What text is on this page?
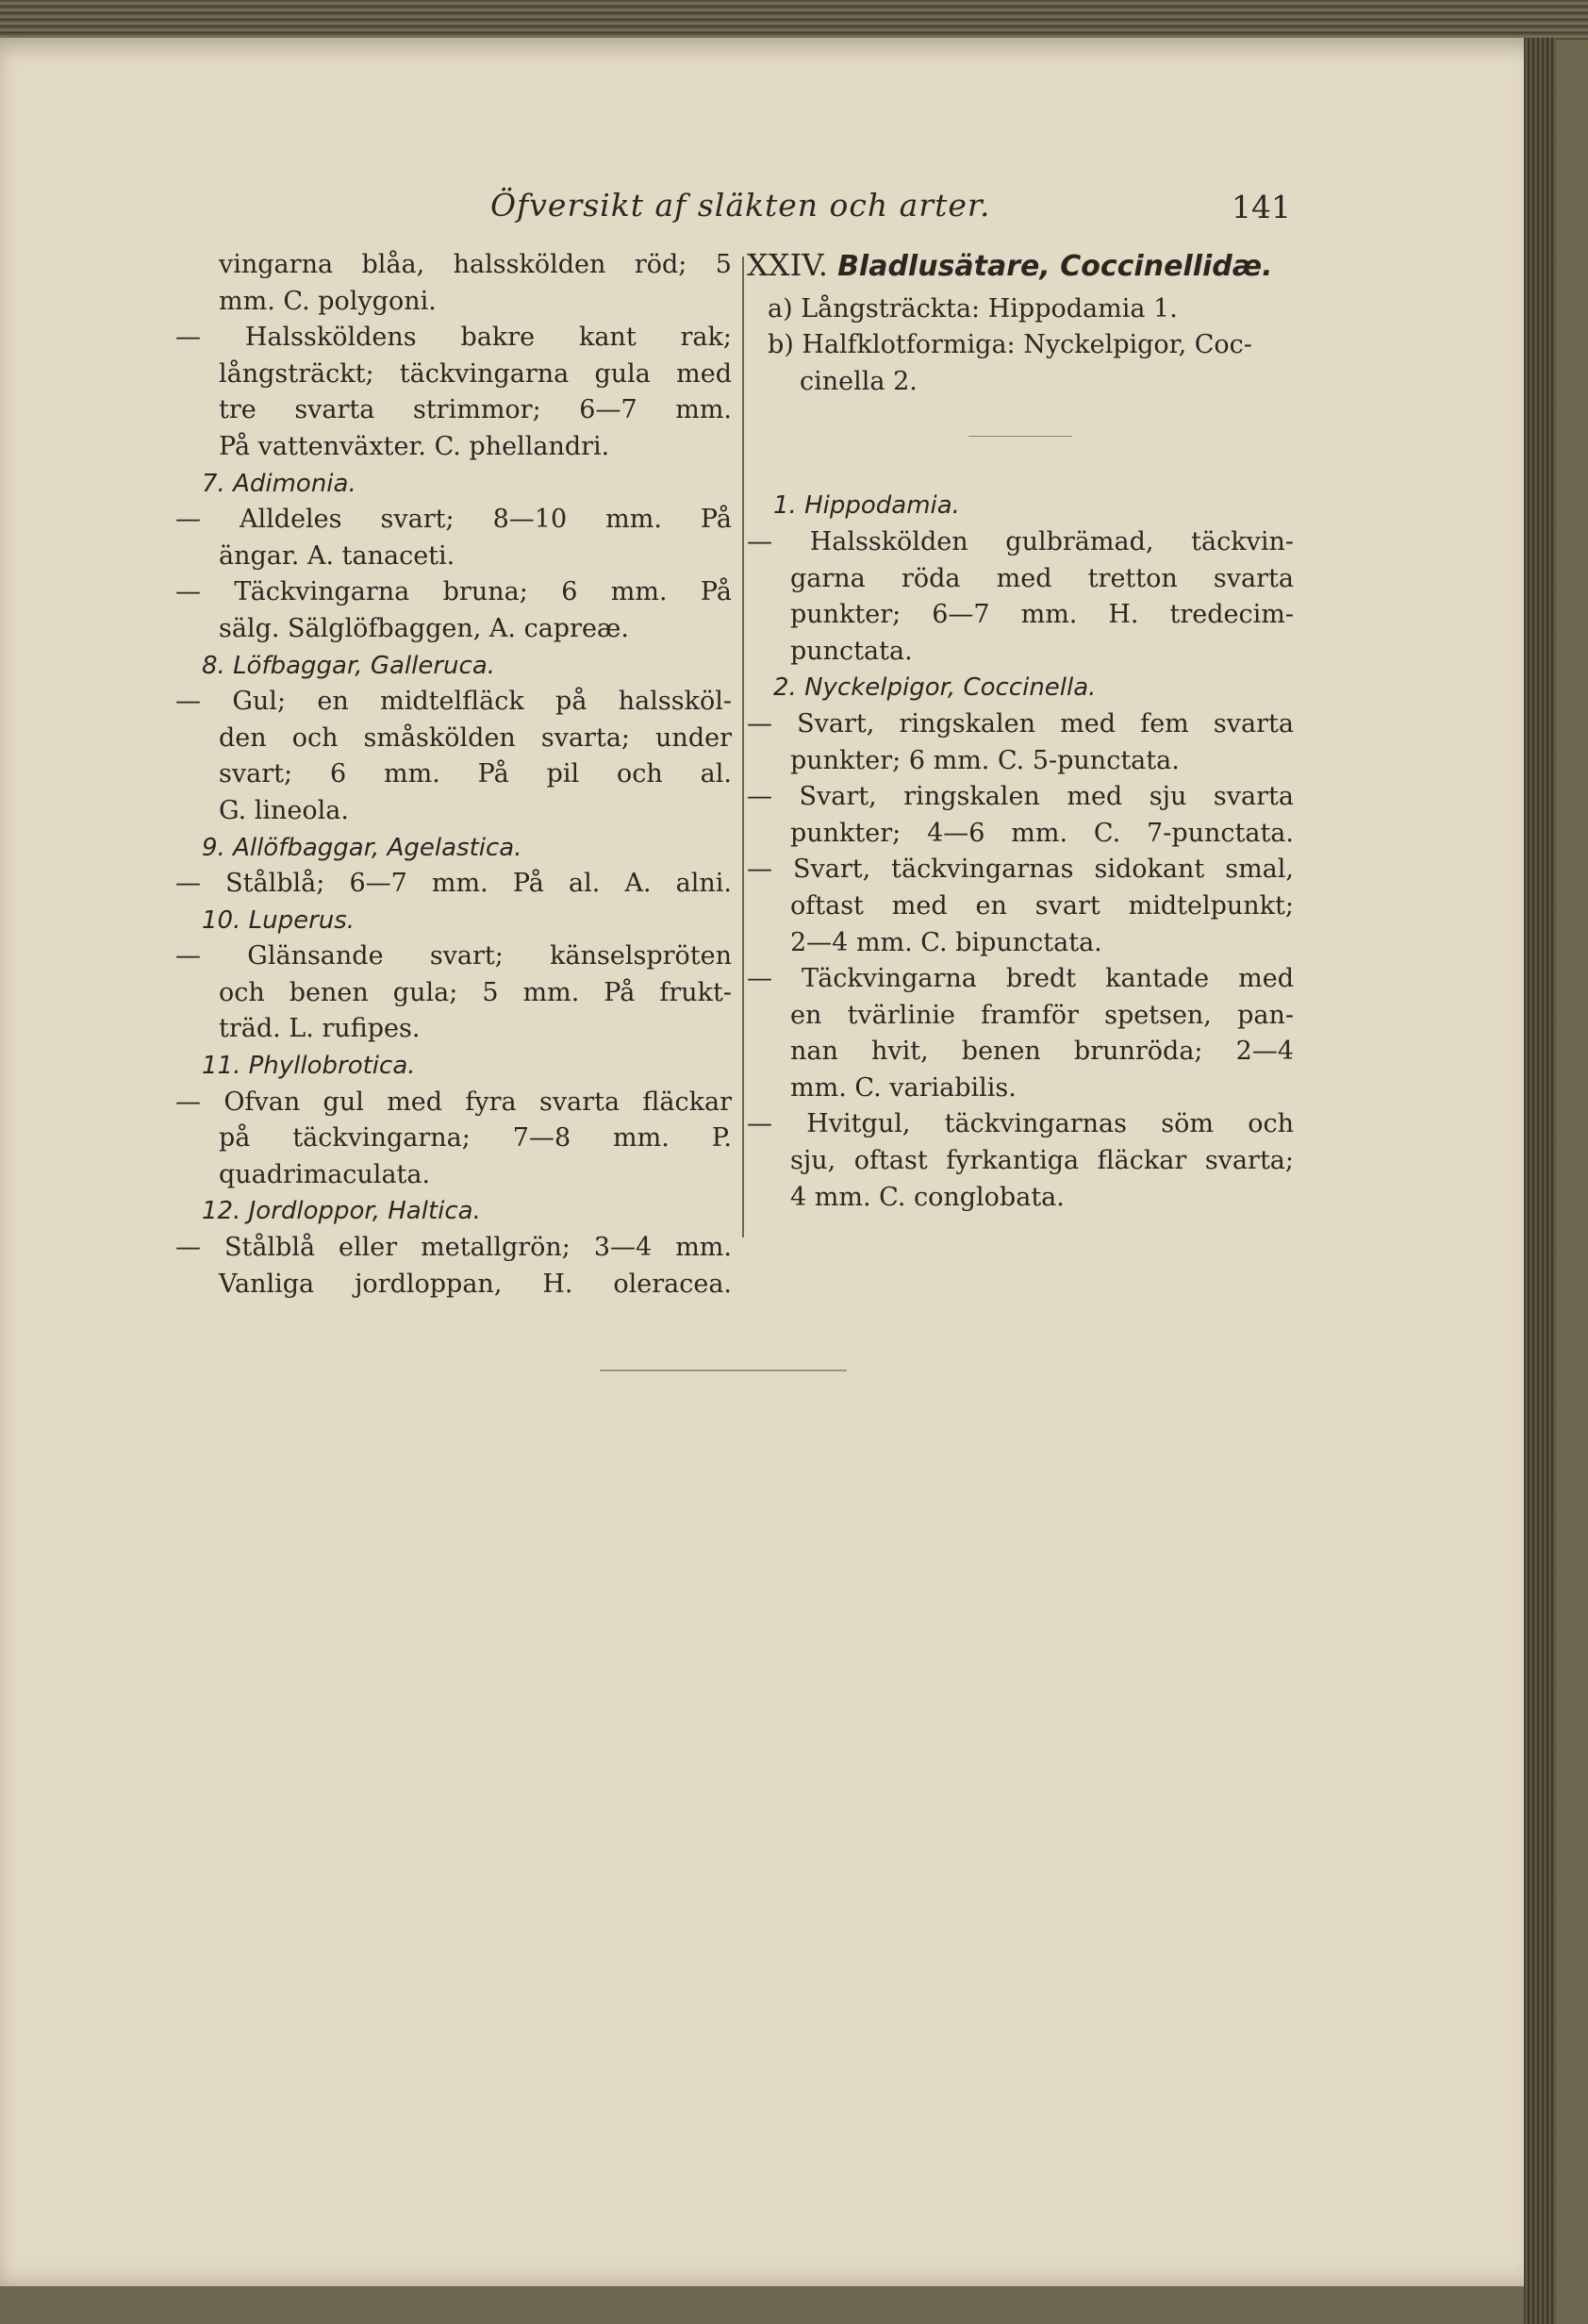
Öfversikt af släkten och arter.	141
vingarna blåa, halsskölden röd; 5
mm. C. polygoni.
— Halssköldens bakre kant rak;
långsträckt; täckvingarna gula med
tre svarta strimmor; 6—7 mm.
På vattenväxter. C. phellandri.
7. Adimonia.
— Alldeles svart; 8—10 mm. På
ängar. A. tanaceti.
— Täckvingarna bruna; 6 mm. På
sälg. Sälglöfbaggen, A. capreæ.
8. Löfbaggar, Galleruca.
— Gul; en midtelfläck på halssköl-
den och småskölden svarta; under
svart; 6 mm. På pil och al.
G. lineola.
9. Allöfbaggar, Agelastica.
— Stålblå; 6—7 mm. På al. A. alni.
10. Luperus.
— Glänsande svart; känselspröten
och benen gula; 5 mm. På frukt-
träd. L. rufipes.
11. Phyllobrotica.
— Ofvan gul med fyra svarta fläckar
på täckvingarna; 7—8 mm. P.
quadrimaculata.
12. Jordloppor, Haltica.
— Stålblå eller metallgrön; 3—4 mm.
Vanliga jordloppan, H. oleracea.
XXIV. Bladlusätare, Coccinellidæ.
a) Långsträckta: Hippodamia 1.
b) Halfklotformiga: Nyckelpigor, Coc-
cinella 2.
1. Hippodamia.
— Halsskölden gulbrämad, täckvin-
garna röda med tretton svarta
punkter; 6—7 mm. H. tredecim-
punctata.
2. Nyckelpigor, Coccinella.
— Svart, ringskalen med fem svarta
punkter; 6 mm. C. 5-punctata.
— Svart, ringskalen med sju svarta
punkter; 4—6 mm. C. 7-punctata.
— Svart, täckvingarnas sidokant smal,
oftast med en svart midtelpunkt;
2—4 mm. C. bipunctata.
— Täckvingarna bredt kantade med
en tvärlinie framför spetsen, pan-
nan hvit, benen brunröda; 2—4
mm. C. variabilis.
— Hvitgul, täckvingarnas söm och
sju, oftast fyrkantiga fläckar svarta;
4 mm. C. conglobata.
